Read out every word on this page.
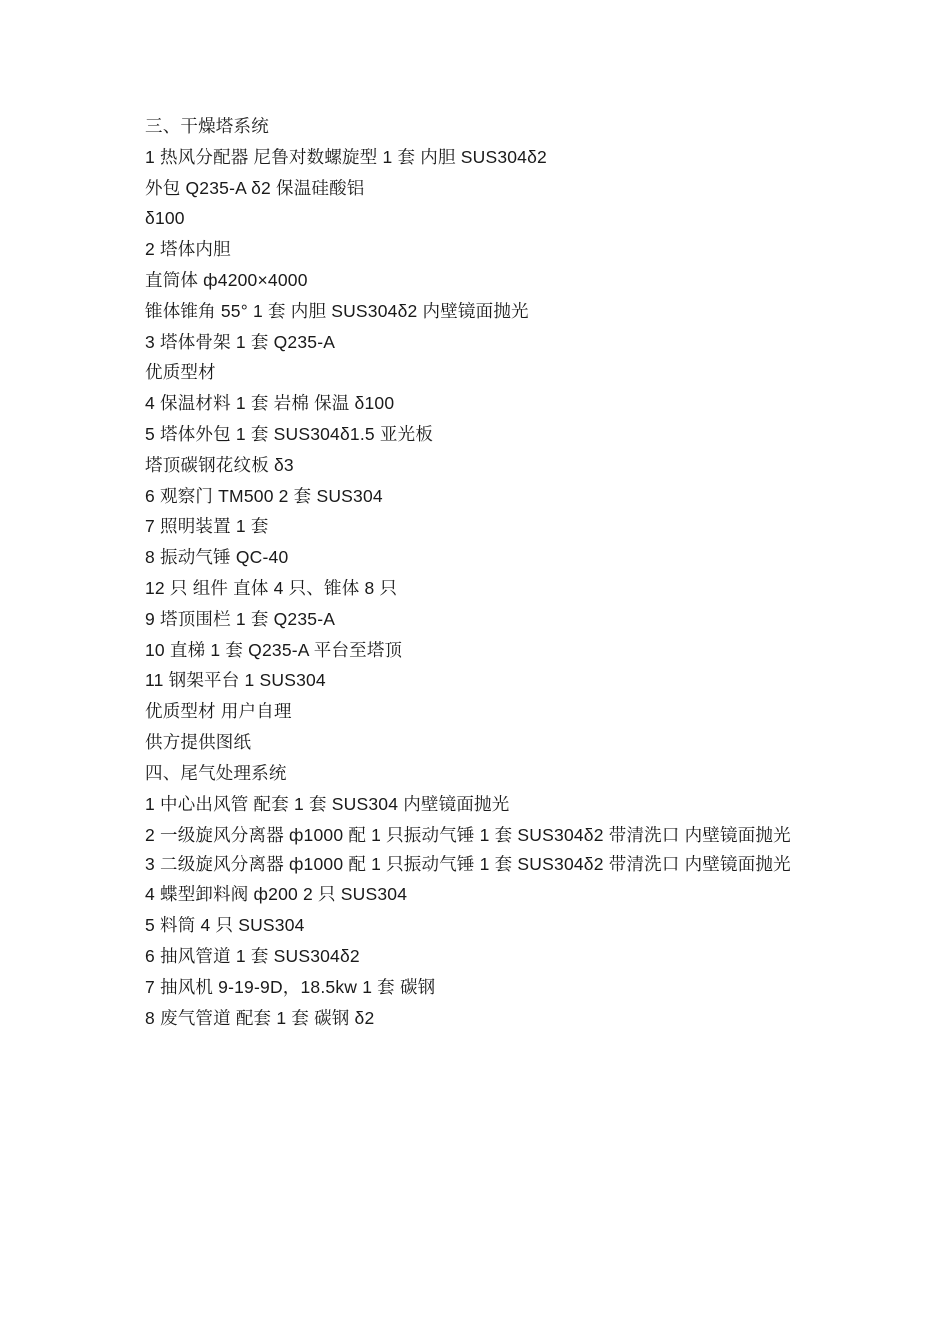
三、干燥塔系统
1 热风分配器 尼鲁对数螺旋型 1 套 内胆 SUS304δ2
外包 Q235-A δ2 保温硅酸铝
δ100
2 塔体内胆
直筒体 ф4200×4000
锥体锥角 55° 1 套 内胆 SUS304δ2 内壁镜面抛光
3 塔体骨架 1 套 Q235-A
优质型材
4 保温材料 1 套 岩棉 保温 δ100
5 塔体外包 1 套 SUS304δ1.5 亚光板
塔顶碳钢花纹板 δ3
6 观察门 TM500 2 套 SUS304
7 照明装置 1 套
8 振动气锤 QC-40
12 只 组件 直体 4 只、锥体 8 只
9 塔顶围栏 1 套 Q235-A
10 直梯 1 套 Q235-A 平台至塔顶
11 钢架平台 1 SUS304
优质型材 用户自理
供方提供图纸
四、尾气处理系统
1 中心出风管 配套 1 套 SUS304 内壁镜面抛光
2 一级旋风分离器 ф1000 配 1 只振动气锤 1 套 SUS304δ2 带清洗口 内壁镜面抛光
3 二级旋风分离器 ф1000 配 1 只振动气锤 1 套 SUS304δ2 带清洗口 内壁镜面抛光
4 蝶型卸料阀 ф200 2 只 SUS304
5 料筒 4 只 SUS304
6 抽风管道 1 套 SUS304δ2
7 抽风机 9-19-9D，18.5kw 1 套 碳钢
8 废气管道 配套 1 套 碳钢 δ2
